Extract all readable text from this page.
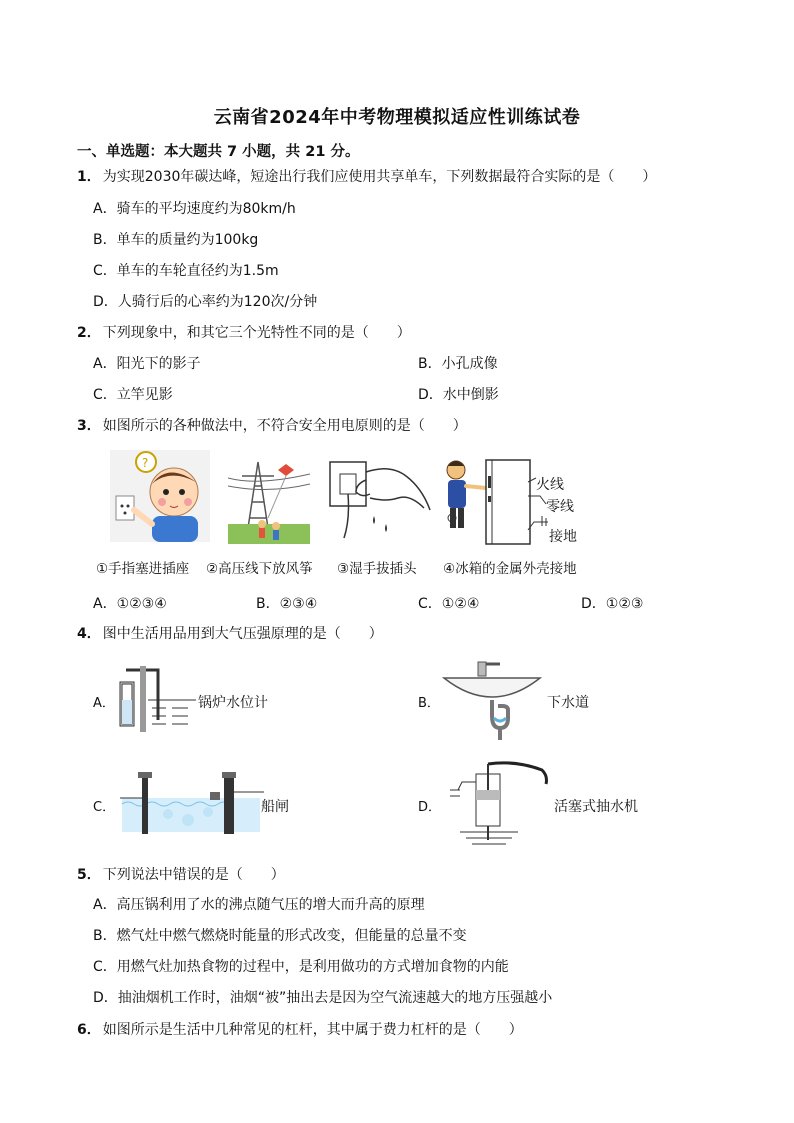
云南省2024年中考物理模拟适应性训练试卷
一、单选题：本大题共 7 小题，共 21 分。
1． 为实现2030年碳达峰，短途出行我们应使用共享单车，下列数据最符合实际的是（　　）
A．骑车的平均速度约为80km/h
B．单车的质量约为100kg
C．单车的车轮直径约为1.5m
D．人骑行后的心率约为120次/分钟
2． 下列现象中，和其它三个光特性不同的是（　　）
A．阳光下的影子	B．小孔成像
C．立竿见影	D．水中倒影
3． 如图所示的各种做法中，不符合安全用电原则的是（　　）
?
火线
零线
接地
①手指塞进插座 ②高压线下放风筝 ③湿手拔插头 ④冰箱的金属外壳接地
A．①②③④	B．②③④	C．①②④	D．①②③
4． 图中生活用品用到大气压强原理的是（　　）
A．	锅炉水位计	B．	下水道
C．	船闸	D．	活塞式抽水机
5． 下列说法中错误的是（　　）
A．高压锅利用了水的沸点随气压的增大而升高的原理
B．燃气灶中燃气燃烧时能量的形式改变，但能量的总量不变
C．用燃气灶加热食物的过程中，是利用做功的方式增加食物的内能
D．抽油烟机工作时，油烟“被”抽出去是因为空气流速越大的地方压强越小
6． 如图所示是生活中几种常见的杠杆，其中属于费力杠杆的是（　　）
